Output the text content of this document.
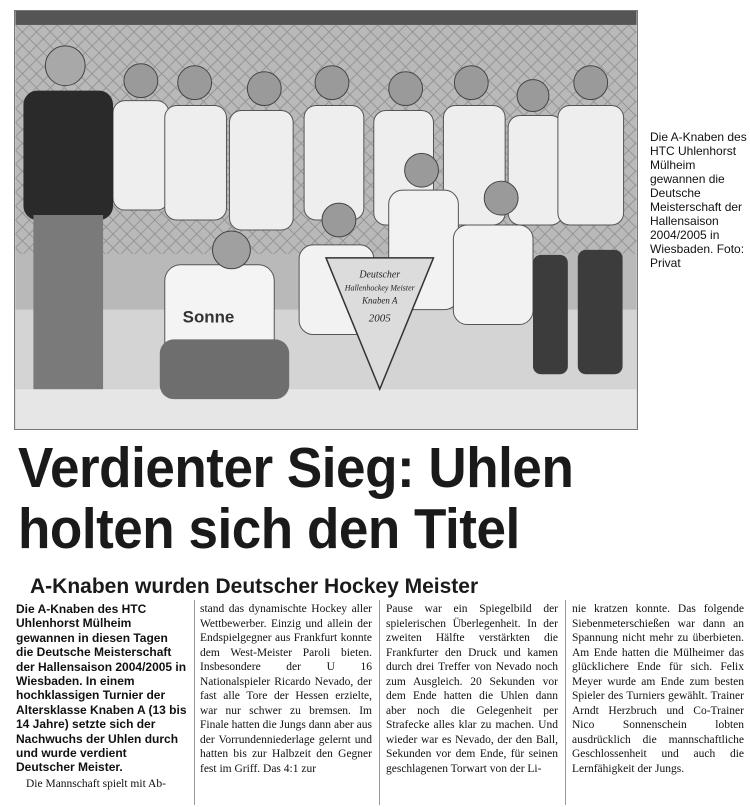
Sonne
Deutscher
Hallenhockey Meister
Knaben A
2005
Die A-Knaben des HTC Uhlenhorst Mülheim gewannen die Deutsche Meisterschaft der Hallensaison 2004/2005 in Wiesbaden. Foto: Privat
Verdienter Sieg: Uhlen
holten sich den Titel
A-Knaben wurden Deutscher Hockey Meister

Die A-Knaben des HTC Uhlenhorst Mülheim gewannen in diesen Tagen die Deutsche Meisterschaft der Hallensaison 2004/2005 in Wiesbaden. In einem hochklassigen Turnier der Altersklasse Knaben A (13 bis 14 Jahre) setzte sich der Nachwuchs der Uhlen durch und wurde verdient Deutscher Meister.

Die Mannschaft spielt mit Ab-

stand das dynamischte Hockey aller Wettbewerber. Einzig und allein der Endspielgegner aus Frankfurt konnte dem West-Meister Paroli bieten. Insbesondere der U 16 Nationalspieler Ricardo Nevado, der fast alle Tore der Hessen erzielte, war nur schwer zu bremsen. Im Finale hatten die Jungs dann aber aus der Vorrundenniederlage gelernt und hatten bis zur Halbzeit den Gegner fest im Griff. Das 4:1 zur

Pause war ein Spiegelbild der spielerischen Überlegenheit. In der zweiten Hälfte verstärkten die Frankfurter den Druck und kamen durch drei Treffer von Nevado noch zum Ausgleich. 20 Sekunden vor dem Ende hatten die Uhlen dann aber noch die Gelegenheit per Strafecke alles klar zu machen. Und wieder war es Nevado, der den Ball, Sekunden vor dem Ende, für seinen geschlagenen Torwart von der Li-

nie kratzen konnte. Das folgende Siebenmeterschießen war dann an Spannung nicht mehr zu überbieten. Am Ende hatten die Mülheimer das glücklichere Ende für sich. Felix Meyer wurde am Ende zum besten Spieler des Turniers gewählt. Trainer Arndt Herzbruch und Co-Trainer Nico Sonnenschein lobten ausdrücklich die mannschaftliche Geschlossenheit und auch die Lernfähigkeit der Jungs.
